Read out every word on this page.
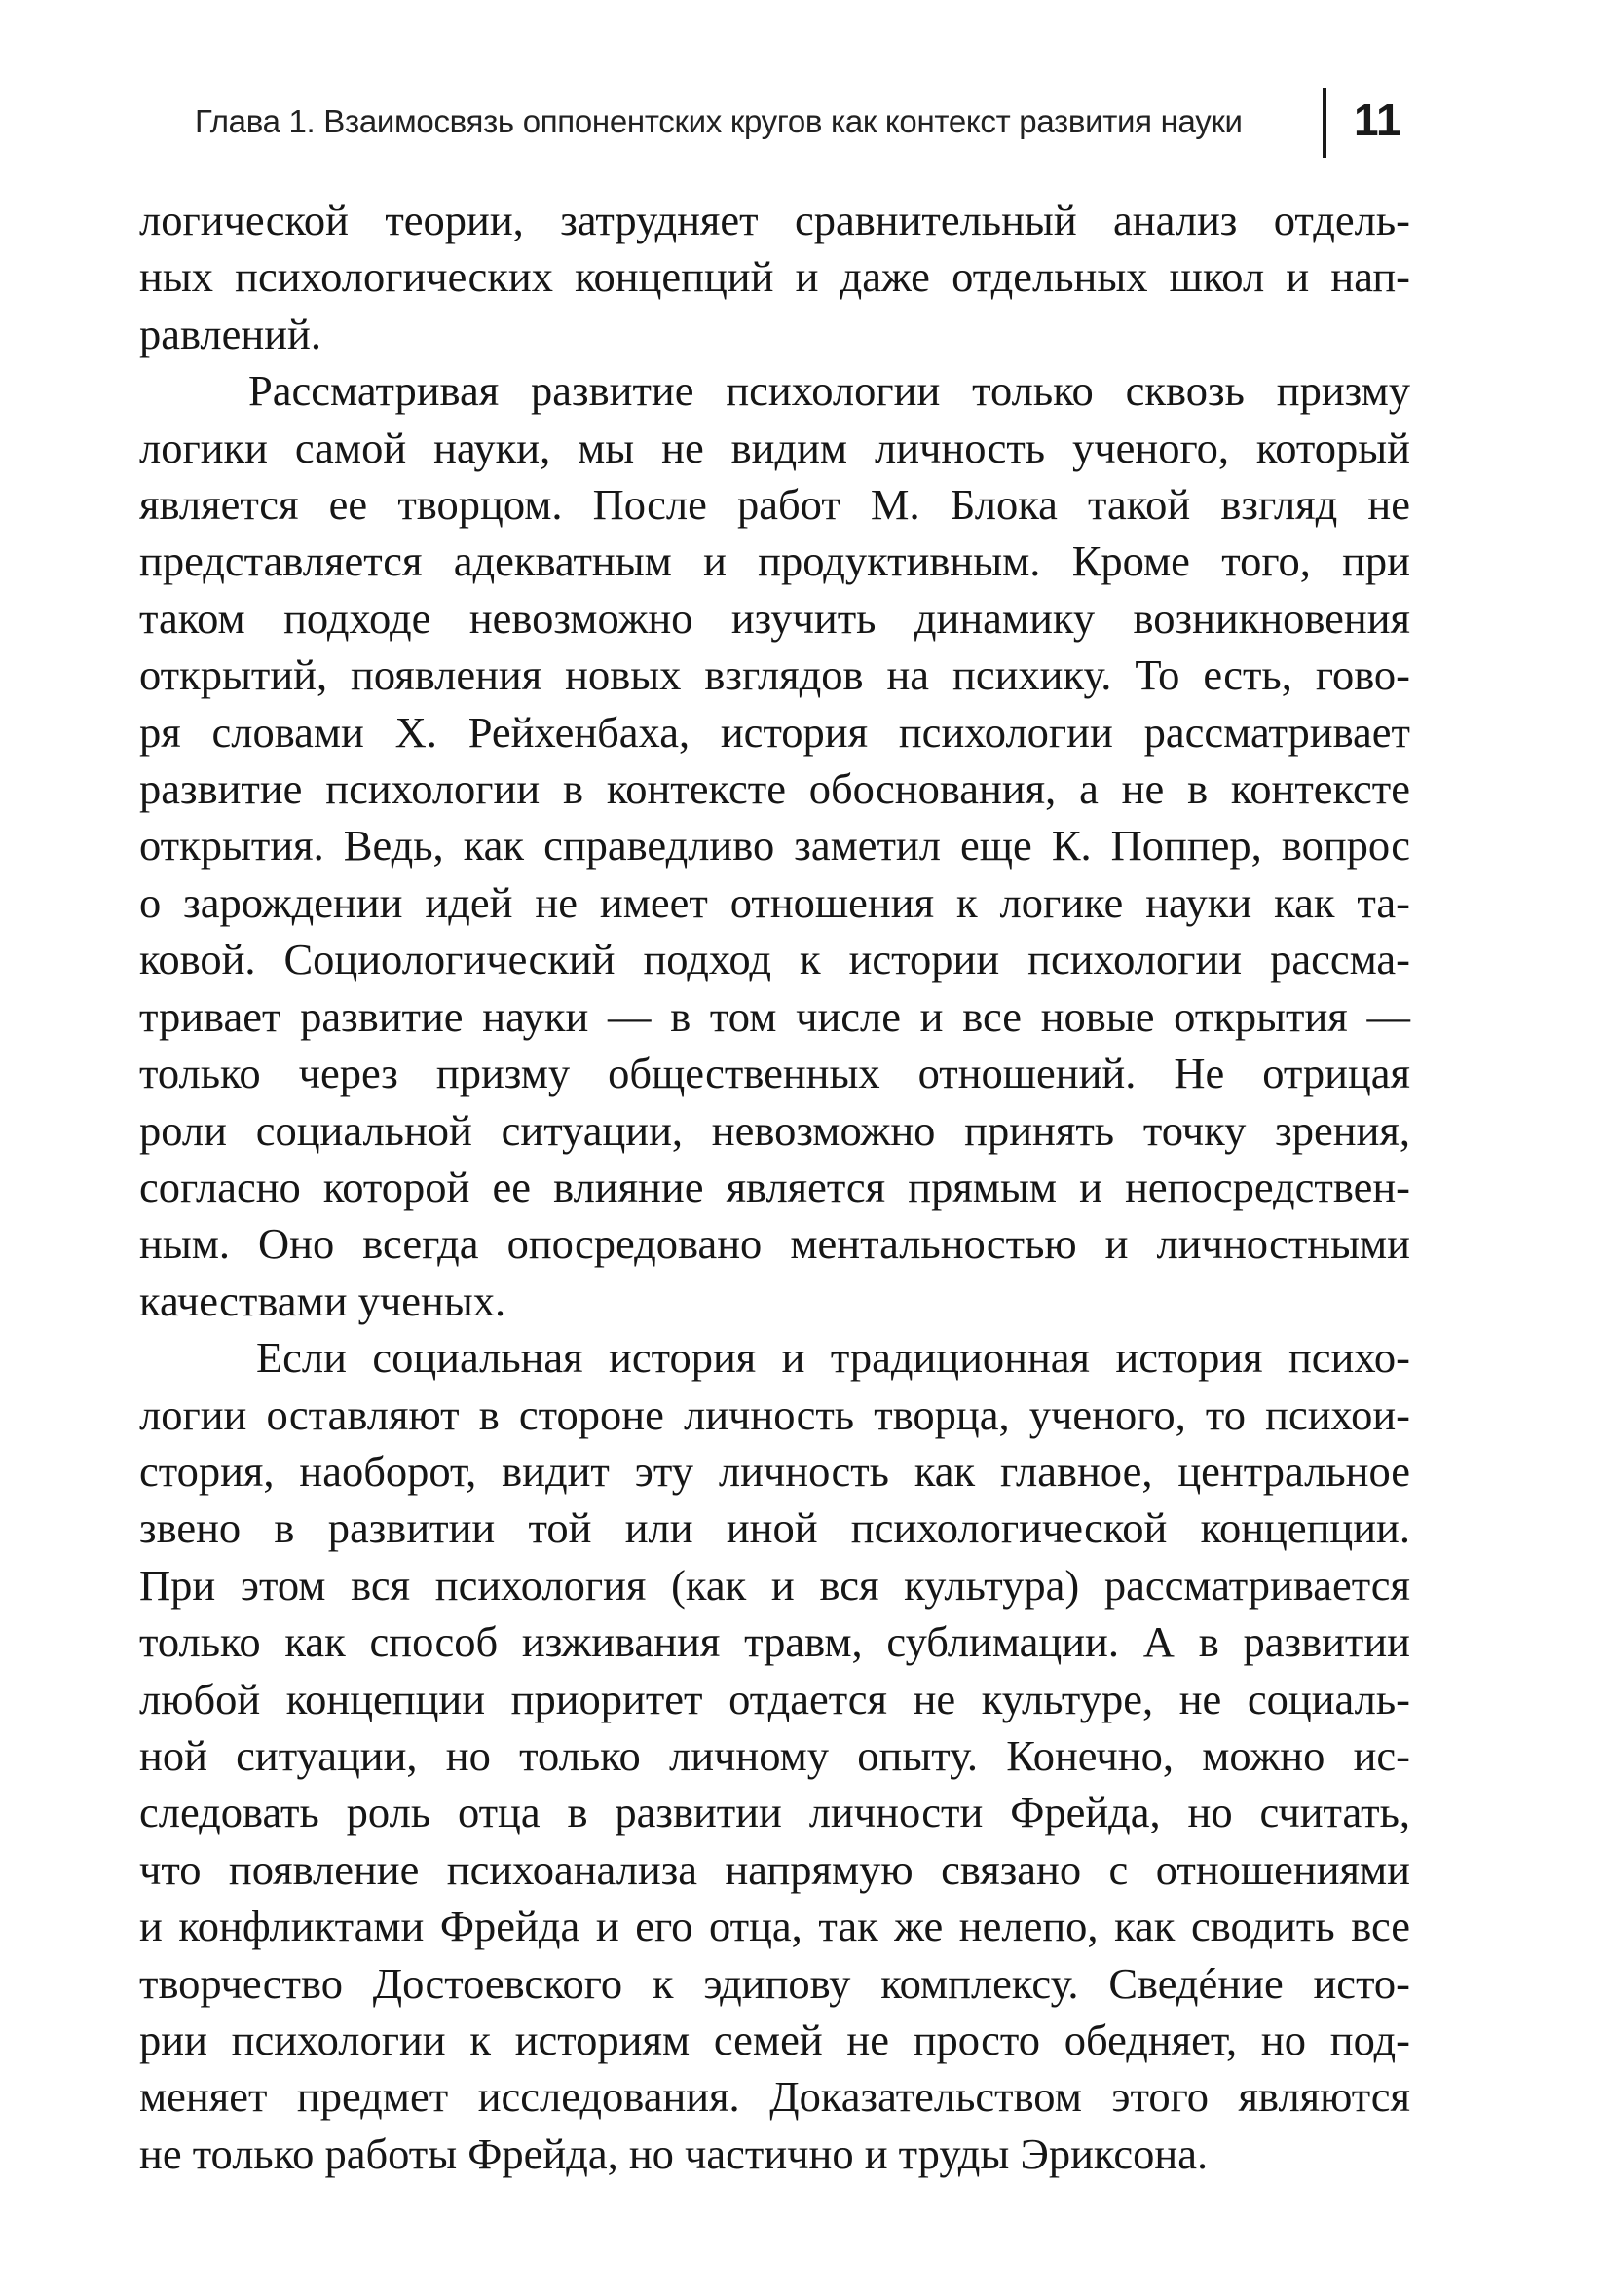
Глава 1. Взаимосвязь оппонентских кругов как контекст развития науки 11

логической теории, затрудняет сравнительный анализ отдель-
ных психологических концепций и даже отдельных школ и нап-
равлений.

Рассматривая развитие психологии только сквозь призму
логики самой науки, мы не видим личность ученого, который
является ее творцом. После работ М. Блока такой взгляд не
представляется адекватным и продуктивным. Кроме того, при
таком подходе невозможно изучить динамику возникновения
открытий, появления новых взглядов на психику. То есть, гово-
ря словами Х. Рейхенбаха, история психологии рассматривает
развитие психологии в контексте обоснования, а не в контексте
открытия. Ведь, как справедливо заметил еще К. Поппер, вопрос
о зарождении идей не имеет отношения к логике науки как та-
ковой. Социологический подход к истории психологии рассма-
тривает развитие науки — в том числе и все новые открытия —
только через призму общественных отношений. Не отрицая
роли социальной ситуации, невозможно принять точку зрения,
согласно которой ее влияние является прямым и непосредствен-
ным. Оно всегда опосредовано ментальностью и личностными
качествами ученых.

Если социальная история и традиционная история психо-
логии оставляют в стороне личность творца, ученого, то психои-
стория, наоборот, видит эту личность как главное, центральное
звено в развитии той или иной психологической концепции.
При этом вся психология (как и вся культура) рассматривается
только как способ изживания травм, сублимации. А в развитии
любой концепции приоритет отдается не культуре, не социаль-
ной ситуации, но только личному опыту. Конечно, можно ис-
следовать роль отца в развитии личности Фрейда, но считать,
что появление психоанализа напрямую связано с отношениями
и конфликтами Фрейда и его отца, так же нелепо, как сводить все
творчество Достоевского к эдипову комплексу. Сведéние исто-
рии психологии к историям семей не просто обедняет, но под-
меняет предмет исследования. Доказательством этого являются
не только работы Фрейда, но частично и труды Эриксона.
